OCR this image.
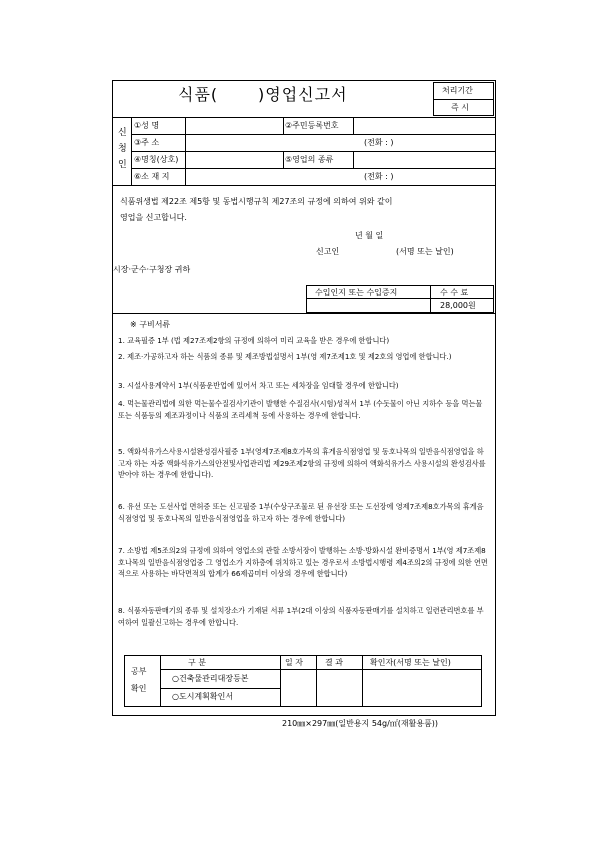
식품( )영업신고서	처리기간
즉 시
신
청
인
①성 명	②주민등록번호
③주 소	(전화 : )
④명칭(상호)	⑤영업의 종류
⑥소 재 지	(전화 : )
식품위생법 제22조 제5항 및 동법시행규칙 제27조의 규정에 의하여 위와 같이
영업을 신고합니다.
년 월 일
신고인	(서명 또는 날인)
시장·군수·구청장 귀하
수입인지 또는 수입증지	수 수 료
28,000원
※ 구비서류
1. 교육필증 1부 (법 제27조제2항의 규정에 의하여 미리 교육을 받은 경우에 한합니다)
2. 제조·가공하고자 하는 식품의 종류 및 제조방법설명서 1부(영 제7조제1호 및 제2호의 영업에 한합니다.)
3. 시설사용계약서 1부(식품운반업에 있어서 차고 또는 세차장을 임대할 경우에 한합니다)
4. 먹는물관리법에 의한 먹는물수질검사기관이 발행한 수질검사(시험)성적서 1부 (수돗물이 아닌 지하수 등을 먹는물 또는 식품등의 제조과정이나 식품의 조리세척 등에 사용하는 경우에 한합니다.
5. 액화석유가스사용시설완성검사필증 1부(영제7조제8호가목의 휴게음식점영업 및 동호나목의 일반음식점영업을 하고자 하는 자중 액화석유가스의안전및사업관리법 제29조제2항의 규정에 의하여 액화석유가스 사용시설의 완성검사를 받아야 하는 경우에 한합니다).
6. 유선 또는 도선사업 면허증 또는 신고필증 1부(수상구조물로 된 유선장 또는 도선장에 영제7조제8호가목의 휴게음식점영업 및 동호나목의 일반음식점영업을 하고자 하는 경우에 한합니다)
7. 소방법 제5조의2의 규정에 의하여 영업소의 관할 소방서장이 발행하는 소방·방화시설 완비증명서 1부(영 제7조제8호나목의 일반음식점영업중 그 영업소가 지하층에 위치하고 있는 경우로서 소방법시행령 제4조의2의 규정에 의한 연면적으로 사용하는 바닥면적의 합계가 66제곱미터 이상의 경우에 한합니다)
8. 식품자동판매기의 종류 및 설치장소가 기재된 서류 1부(2대 이상의 식품자동판매기를 설치하고 일련관리번호를 부여하여 일괄신고하는 경우에 한합니다.
공부
확인
구 분	일 자	결 과	확인자(서명 또는 날인)
○건축물관리대장등본
○도시계획확인서
210㎜×297㎜(일반용지 54g/㎡(재활용품))
